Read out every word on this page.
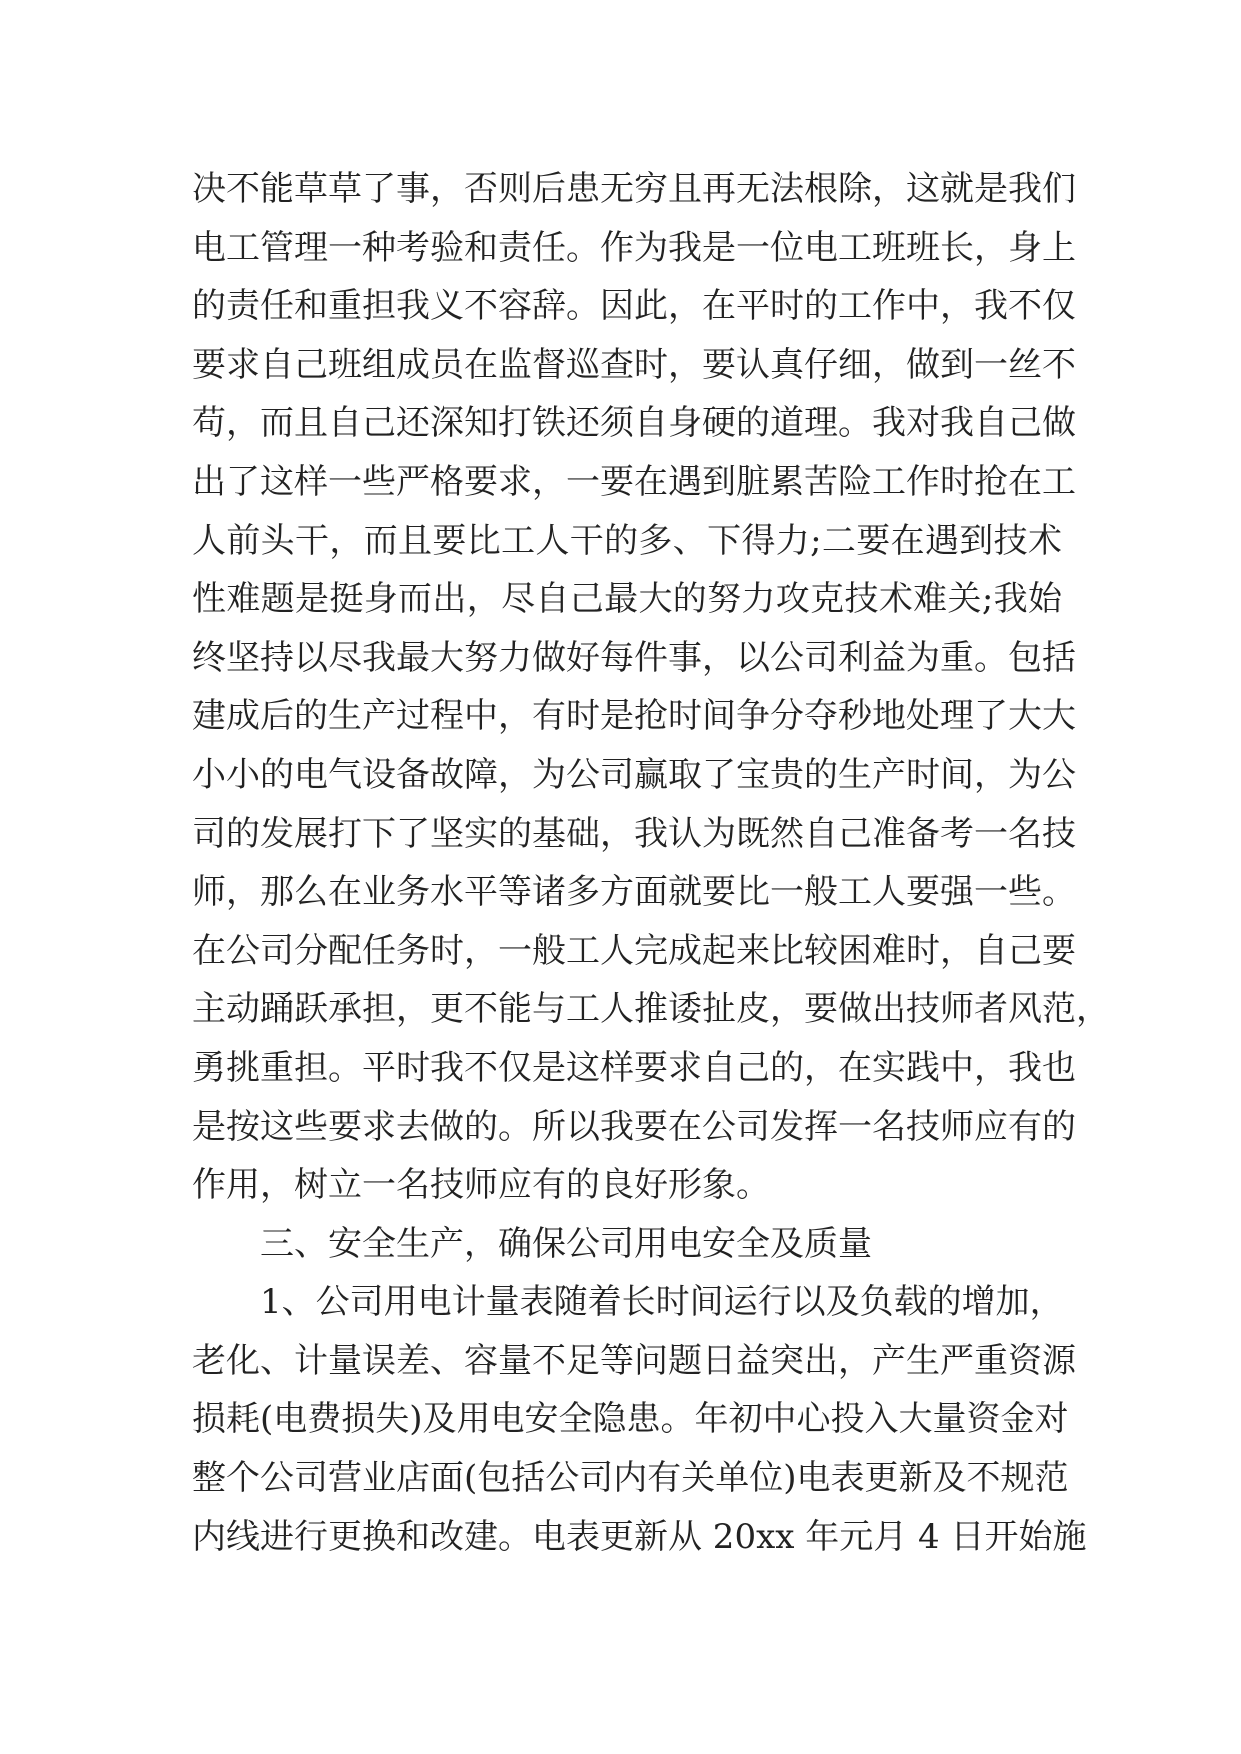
决不能草草了事，否则后患无穷且再无法根除，这就是我们
电工管理一种考验和责任。作为我是一位电工班班长，身上
的责任和重担我义不容辞。因此，在平时的工作中，我不仅
要求自己班组成员在监督巡查时，要认真仔细，做到一丝不
苟，而且自己还深知打铁还须自身硬的道理。我对我自己做
出了这样一些严格要求，一要在遇到脏累苦险工作时抢在工
人前头干，而且要比工人干的多、下得力;二要在遇到技术
性难题是挺身而出，尽自己最大的努力攻克技术难关;我始
终坚持以尽我最大努力做好每件事，以公司利益为重。包括
建成后的生产过程中，有时是抢时间争分夺秒地处理了大大
小小的电气设备故障，为公司赢取了宝贵的生产时间，为公
司的发展打下了坚实的基础，我认为既然自己准备考一名技
师，那么在业务水平等诸多方面就要比一般工人要强一些。
在公司分配任务时，一般工人完成起来比较困难时，自己要
主动踊跃承担，更不能与工人推诿扯皮，要做出技师者风范，
勇挑重担。平时我不仅是这样要求自己的，在实践中，我也
是按这些要求去做的。所以我要在公司发挥一名技师应有的
作用，树立一名技师应有的良好形象。
三、安全生产，确保公司用电安全及质量
1、公司用电计量表随着长时间运行以及负载的增加，
老化、计量误差、容量不足等问题日益突出，产生严重资源
损耗(电费损失)及用电安全隐患。年初中心投入大量资金对
整个公司营业店面(包括公司内有关单位)电表更新及不规范
内线进行更换和改建。电表更新从 20xx 年元月 4 日开始施
